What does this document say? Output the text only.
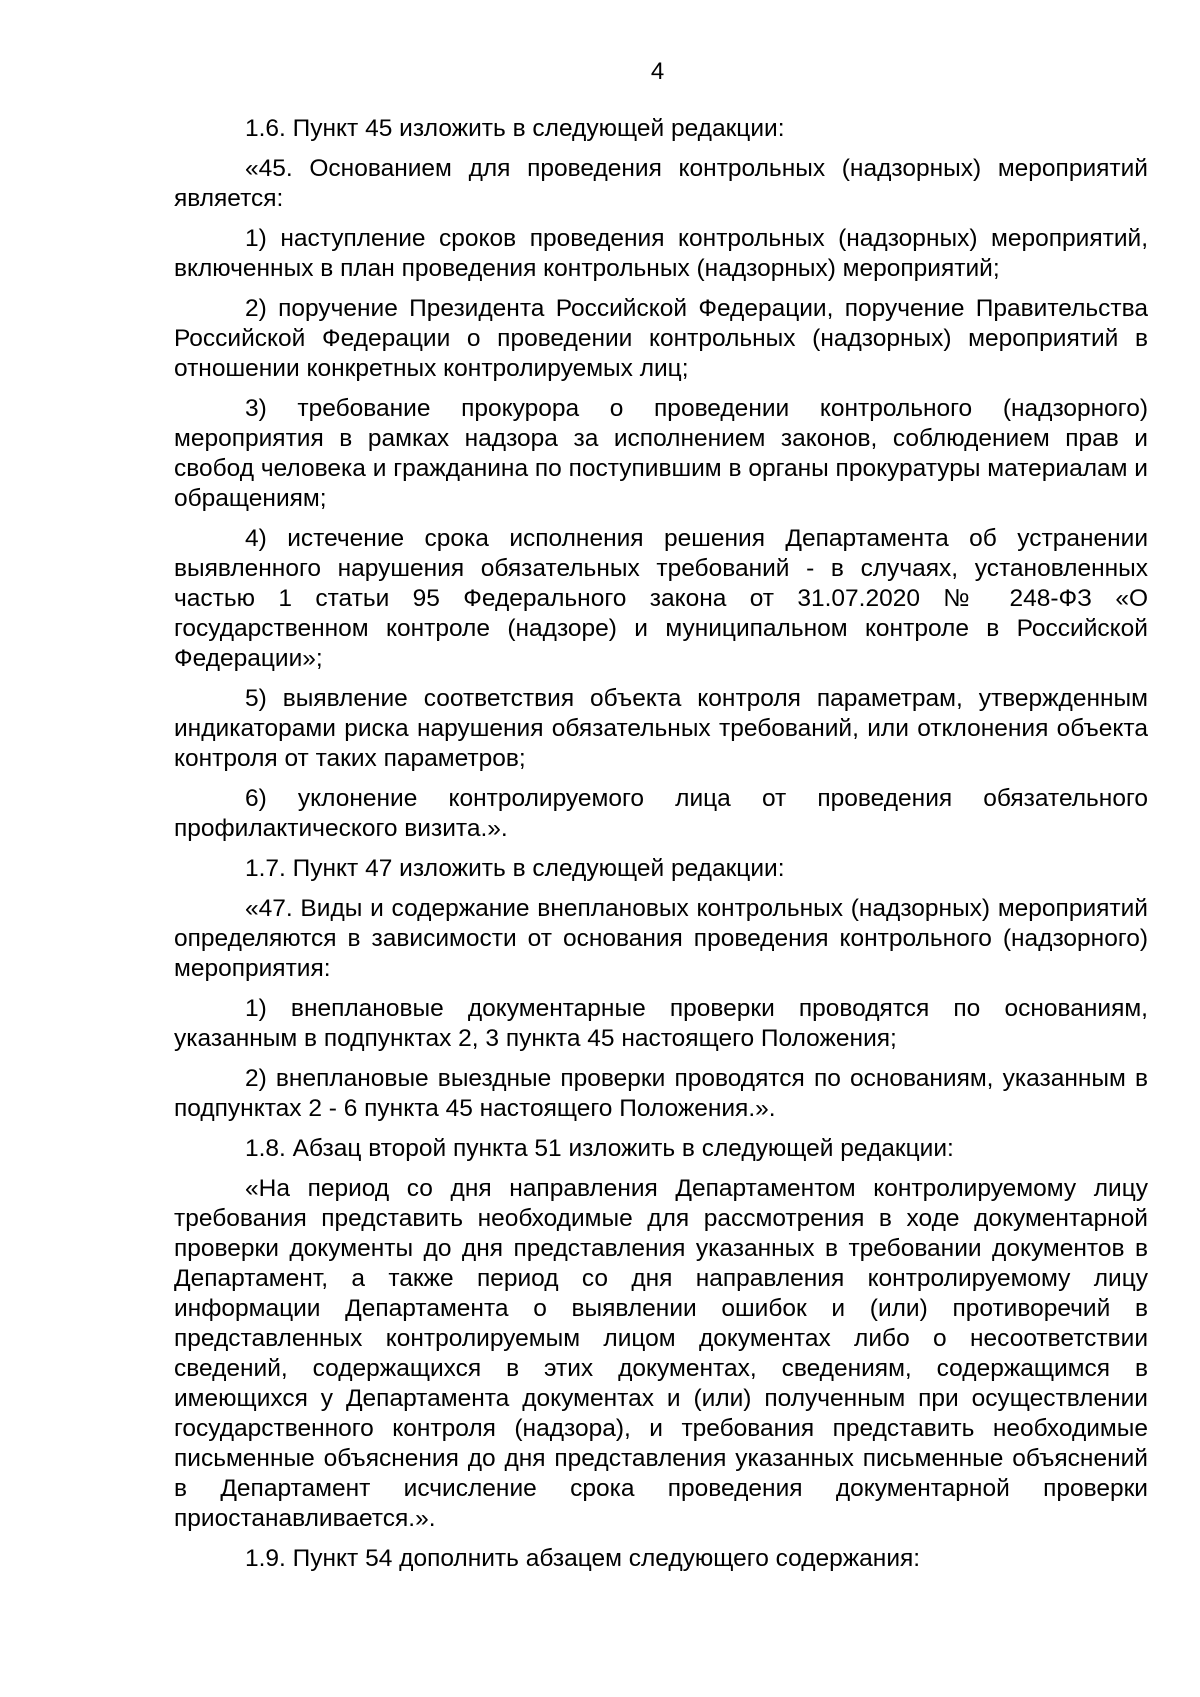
4

1.6. Пункт 45 изложить в следующей редакции:

«45. Основанием для проведения контрольных (надзорных) мероприятий является:

1) наступление сроков проведения контрольных (надзорных) мероприятий, включенных в план проведения контрольных (надзорных) мероприятий;

2) поручение Президента Российской Федерации, поручение Правительства Российской Федерации о проведении контрольных (надзорных) мероприятий в отношении конкретных контролируемых лиц;

3) требование прокурора о проведении контрольного (надзорного) мероприятия в рамках надзора за исполнением законов, соблюдением прав и свобод человека и гражданина по поступившим в органы прокуратуры материалам и обращениям;

4) истечение срока исполнения решения Департамента об устранении выявленного нарушения обязательных требований - в случаях, установленных частью 1 статьи 95 Федерального закона от 31.07.2020 № 248-ФЗ «О государственном контроле (надзоре) и муниципальном контроле в Российской Федерации»;

5) выявление соответствия объекта контроля параметрам, утвержденным индикаторами риска нарушения обязательных требований, или отклонения объекта контроля от таких параметров;

6) уклонение контролируемого лица от проведения обязательного профилактического визита.».

1.7. Пункт 47 изложить в следующей редакции:

«47. Виды и содержание внеплановых контрольных (надзорных) мероприятий определяются в зависимости от основания проведения контрольного (надзорного) мероприятия:

1) внеплановые документарные проверки проводятся по основаниям, указанным в подпунктах 2, 3 пункта 45 настоящего Положения;

2) внеплановые выездные проверки проводятся по основаниям, указанным в подпунктах 2 - 6 пункта 45 настоящего Положения.».

1.8. Абзац второй пункта 51 изложить в следующей редакции:

«На период со дня направления Департаментом контролируемому лицу требования представить необходимые для рассмотрения в ходе документарной проверки документы до дня представления указанных в требовании документов в Департамент, а также период со дня направления контролируемому лицу информации Департамента о выявлении ошибок и (или) противоречий в представленных контролируемым лицом документах либо о несоответствии сведений, содержащихся в этих документах, сведениям, содержащимся в имеющихся у Департамента документах и (или) полученным при осуществлении государственного контроля (надзора), и требования представить необходимые письменные объяснения до дня представления указанных письменные объяснений в Департамент исчисление срока проведения документарной проверки приостанавливается.».

1.9. Пункт 54 дополнить абзацем следующего содержания:
